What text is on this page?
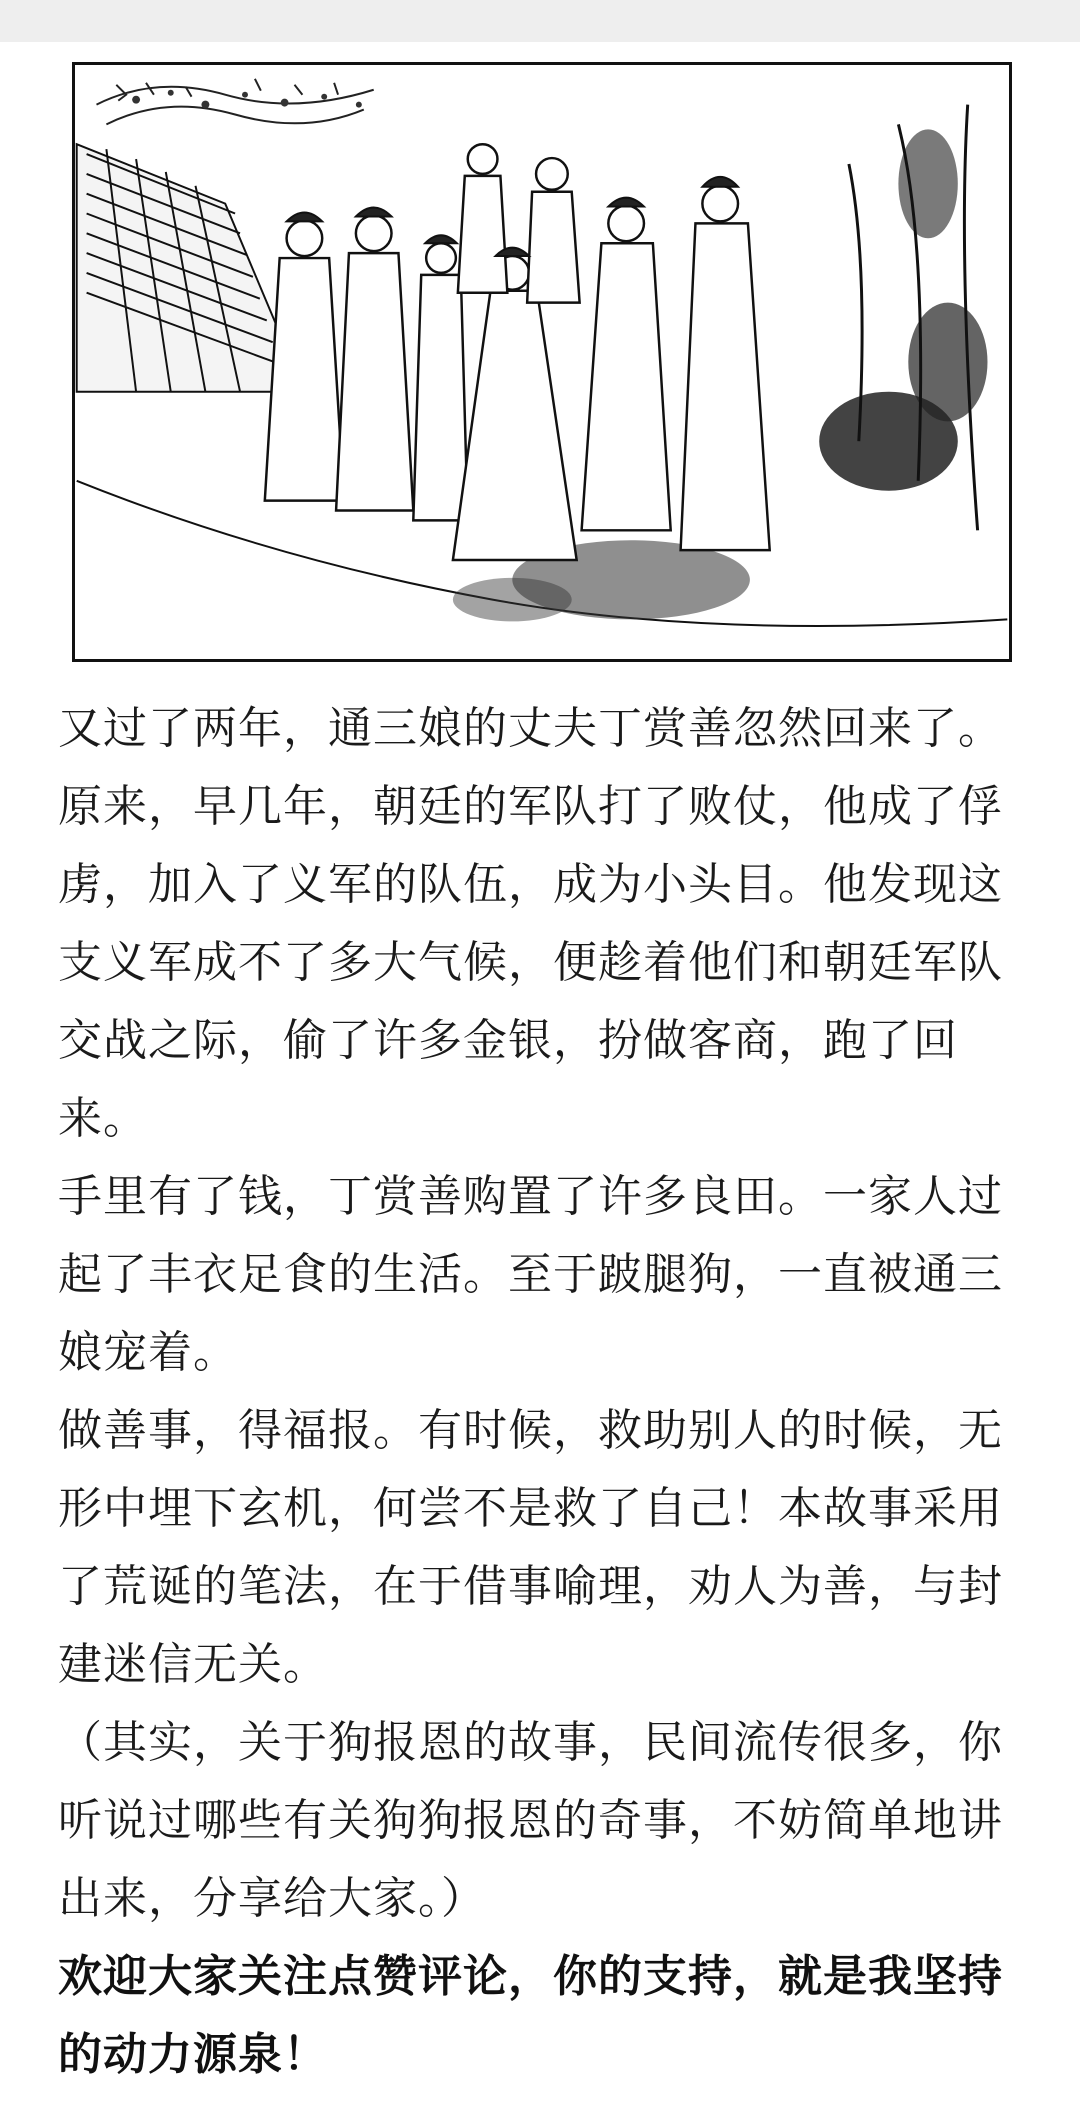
又过了两年，通三娘的丈夫丁赏善忽然回来了。原来，早几年，朝廷的军队打了败仗，他成了俘虏，加入了义军的队伍，成为小头目。他发现这支义军成不了多大气候，便趁着他们和朝廷军队交战之际，偷了许多金银，扮做客商，跑了回来。

手里有了钱，丁赏善购置了许多良田。一家人过起了丰衣足食的生活。至于跛腿狗，一直被通三娘宠着。

做善事，得福报。有时候，救助别人的时候，无形中埋下玄机，何尝不是救了自己！本故事采用了荒诞的笔法，在于借事喻理，劝人为善，与封建迷信无关。

（其实，关于狗报恩的故事，民间流传很多，你听说过哪些有关狗狗报恩的奇事，不妨简单地讲出来，分享给大家。）

欢迎大家关注点赞评论，你的支持，就是我坚持的动力源泉！
